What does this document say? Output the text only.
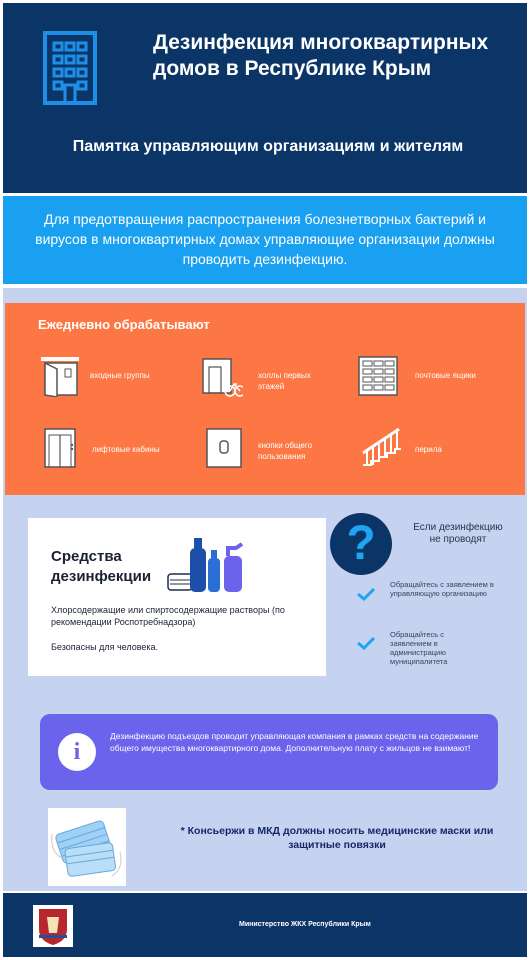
Дезинфекция многоквартирных домов в Республике Крым
Памятка управляющим организациям и жителям
Для предотвращения распространения болезнетворных бактерий и вирусов в многоквартирных домах управляющие организации должны проводить дезинфекцию.
Ежедневно обрабатывают
входные группы	холлы первых этажей
почтовые ящики
лифтовые кабины	кнопки общего пользования
перила
Средства дезинфекции
Хлорсодержащие или спиртосодержащие растворы (по рекомендации Роспотребнадзора)
Безопасны для человека.
?	Если дезинфекцию не проводят
Обращайтесь с заявлением в управляющую организацию
Обращайтесь с заявлением в администрацию муниципалитета
i
Дезинфекцию подъездов проводит управляющая компания в рамках средств на содержание общего имущества многоквартирного дома. Дополнительную плату с жильцов не взимают!
* Консьержи в МКД должны носить медицинские маски или защитные повязки
Министерство ЖКХ Республики Крым
